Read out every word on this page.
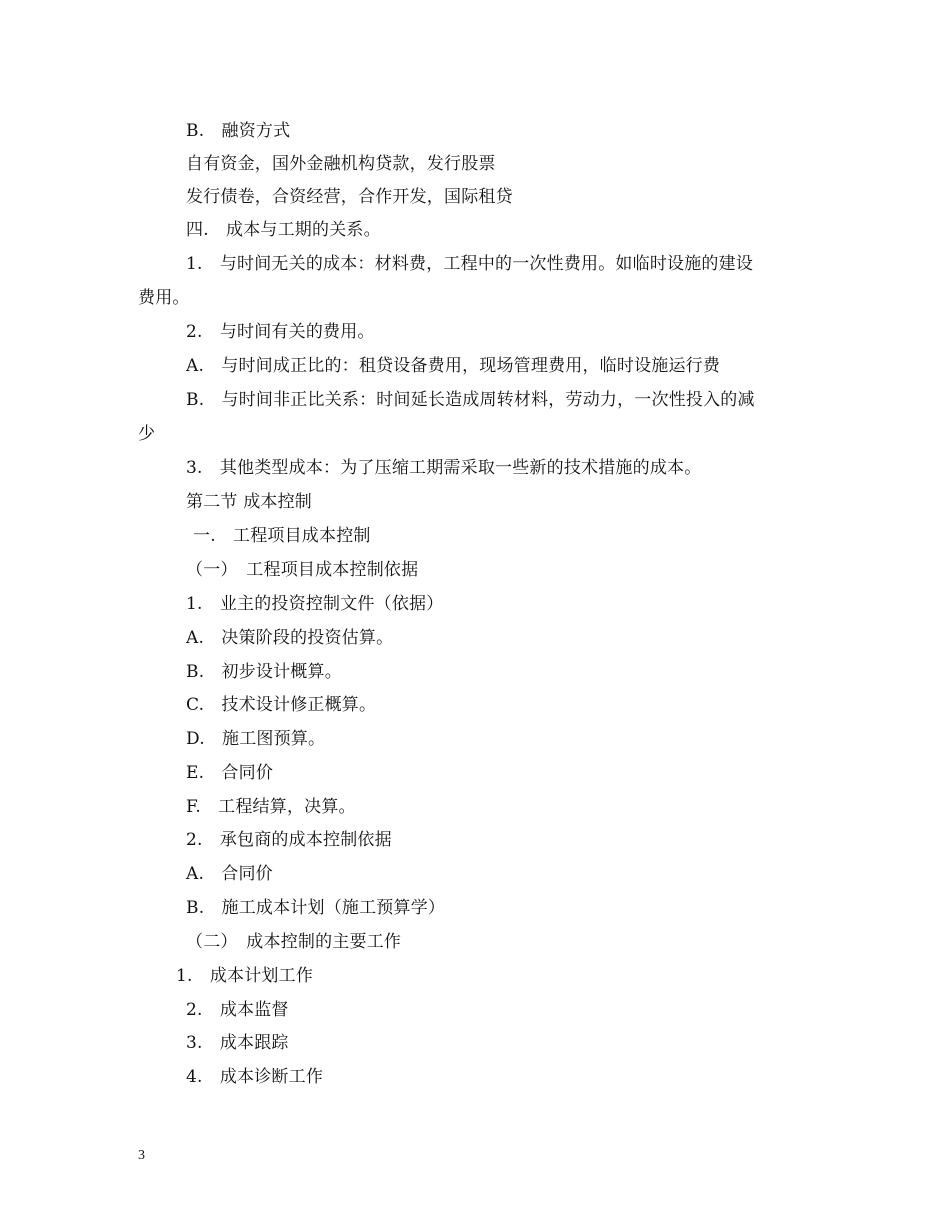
B.　融资方式
自有资金，国外金融机构贷款，发行股票
发行债卷，合资经营，合作开发，国际租贷
四.　成本与工期的关系。
1.　与时间无关的成本：材料费，工程中的一次性费用。如临时设施的建设
费用。
2.　与时间有关的费用。
A.　与时间成正比的：租贷设备费用，现场管理费用，临时设施运行费
B.　与时间非正比关系：时间延长造成周转材料，劳动力，一次性投入的减
少
3.　其他类型成本：为了压缩工期需采取一些新的技术措施的成本。
第二节 成本控制
一.　工程项目成本控制
（一）　工程项目成本控制依据
1.　业主的投资控制文件（依据）
A.　决策阶段的投资估算。
B.　初步设计概算。
C.　技术设计修正概算。
D.　施工图预算。
E.　合同价
F.　工程结算，决算。
2.　承包商的成本控制依据
A.　合同价
B.　施工成本计划（施工预算学）
（二）　成本控制的主要工作
1.　成本计划工作
2.　成本监督
3.　成本跟踪
4.　成本诊断工作
3
